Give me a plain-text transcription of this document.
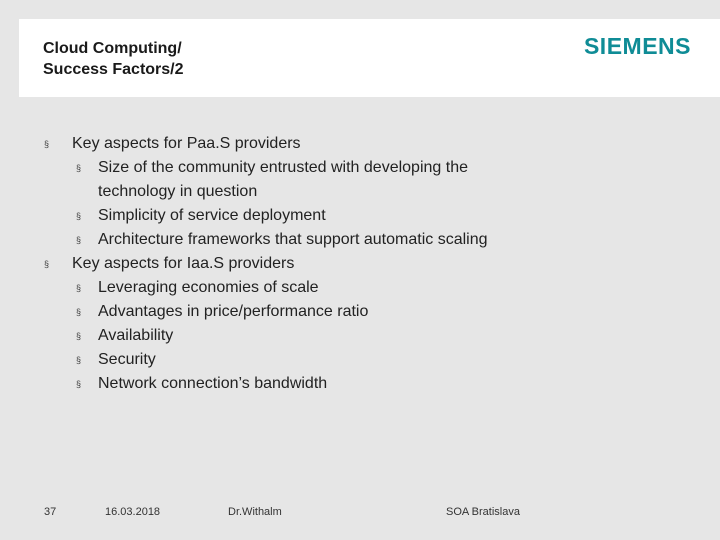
Cloud Computing/
Success Factors/2
SIEMENS
§ Key aspects for Paa.S providers
§ Size of the community entrusted with developing the
technology in question
§ Simplicity of service deployment
§ Architecture frameworks that support automatic scaling
§ Key aspects for Iaa.S providers
§ Leveraging economies of scale
§ Advantages in price/performance ratio
§ Availability
§ Security
§ Network connection’s bandwidth
37	16.03.2018	Dr.Withalm	SOA Bratislava
